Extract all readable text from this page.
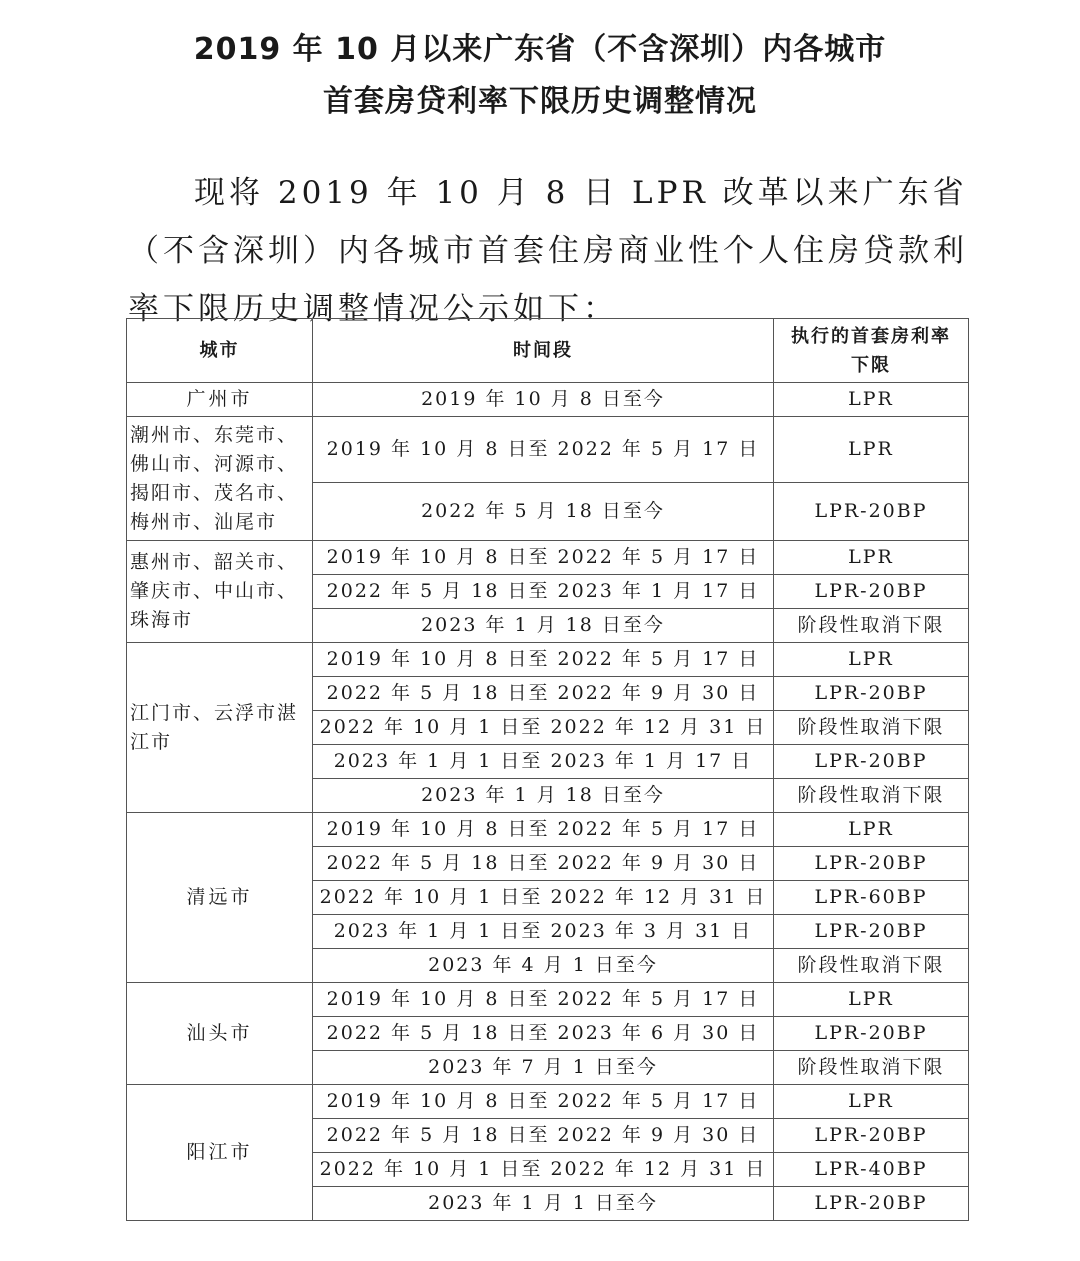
2019 年 10 月以来广东省（不含深圳）内各城市
首套房贷利率下限历史调整情况

现将 2019 年 10 月 8 日 LPR 改革以来广东省（不含深圳）内各城市首套住房商业性个人住房贷款利率下限历史调整情况公示如下：

城市	时间段	执行的首套房利率下限
广州市	2019 年 10 月 8 日至今	LPR
潮州市、东莞市、佛山市、河源市、揭阳市、茂名市、梅州市、汕尾市	2019 年 10 月 8 日至 2022 年 5 月 17 日	LPR
	2022 年 5 月 18 日至今	LPR-20BP
惠州市、韶关市、肇庆市、中山市、珠海市	2019 年 10 月 8 日至 2022 年 5 月 17 日	LPR
	2022 年 5 月 18 日至 2023 年 1 月 17 日	LPR-20BP
	2023 年 1 月 18 日至今	阶段性取消下限
江门市、云浮市湛江市	2019 年 10 月 8 日至 2022 年 5 月 17 日	LPR
	2022 年 5 月 18 日至 2022 年 9 月 30 日	LPR-20BP
	2022 年 10 月 1 日至 2022 年 12 月 31 日	阶段性取消下限
	2023 年 1 月 1 日至 2023 年 1 月 17 日	LPR-20BP
	2023 年 1 月 18 日至今	阶段性取消下限
清远市	2019 年 10 月 8 日至 2022 年 5 月 17 日	LPR
	2022 年 5 月 18 日至 2022 年 9 月 30 日	LPR-20BP
	2022 年 10 月 1 日至 2022 年 12 月 31 日	LPR-60BP
	2023 年 1 月 1 日至 2023 年 3 月 31 日	LPR-20BP
	2023 年 4 月 1 日至今	阶段性取消下限
汕头市	2019 年 10 月 8 日至 2022 年 5 月 17 日	LPR
	2022 年 5 月 18 日至 2023 年 6 月 30 日	LPR-20BP
	2023 年 7 月 1 日至今	阶段性取消下限
阳江市	2019 年 10 月 8 日至 2022 年 5 月 17 日	LPR
	2022 年 5 月 18 日至 2022 年 9 月 30 日	LPR-20BP
	2022 年 10 月 1 日至 2022 年 12 月 31 日	LPR-40BP
	2023 年 1 月 1 日至今	LPR-20BP
